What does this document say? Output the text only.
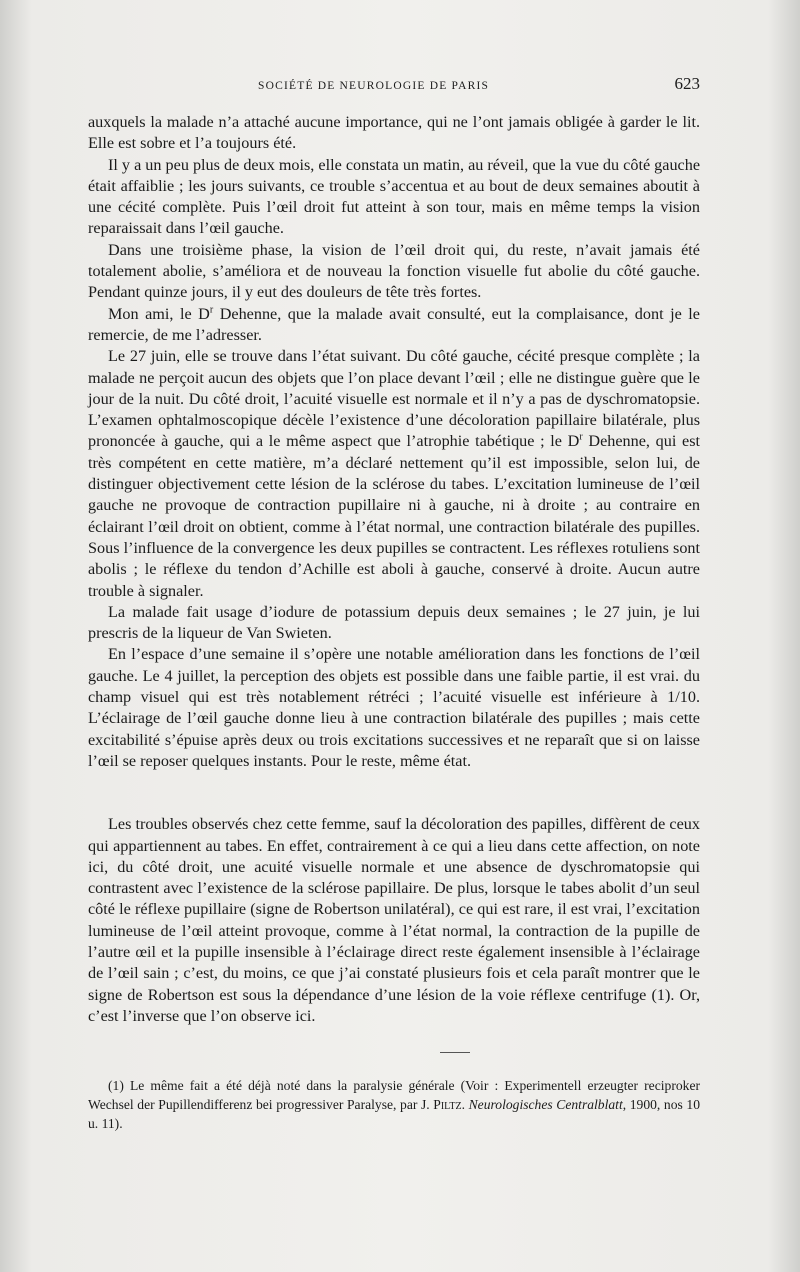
SOCIÉTÉ DE NEUROLOGIE DE PARIS	623

auxquels la malade n’a attaché aucune importance, qui ne l’ont jamais obligée à garder le lit. Elle est sobre et l’a toujours été.

Il y a un peu plus de deux mois, elle constata un matin, au réveil, que la vue du côté gauche était affaiblie ; les jours suivants, ce trouble s’accentua et au bout de deux semaines aboutit à une cécité complète. Puis l’œil droit fut atteint à son tour, mais en même temps la vision reparaissait dans l’œil gauche.

Dans une troisième phase, la vision de l’œil droit qui, du reste, n’avait jamais été totalement abolie, s’améliora et de nouveau la fonction visuelle fut abolie du côté gauche. Pendant quinze jours, il y eut des douleurs de tête très fortes.

Mon ami, le $D^r$ Dehenne, que la malade avait consulté, eut la complaisance, dont je le remercie, de me l’adresser.

Le 27 juin, elle se trouve dans l’état suivant. Du côté gauche, cécité presque complète ; la malade ne perçoit aucun des objets que l’on place devant l’œil ; elle ne distingue guère que le jour de la nuit. Du côté droit, l’acuité visuelle est normale et il n’y a pas de dyschromatopsie. L’examen ophtalmoscopique décèle l’existence d’une décoloration papillaire bilatérale, plus prononcée à gauche, qui a le même aspect que l’atrophie tabétique ; le $D^r$ Dehenne, qui est très compétent en cette matière, m’a déclaré nettement qu’il est impossible, selon lui, de distinguer objectivement cette lésion de la sclérose du tabes. L’excitation lumineuse de l’œil gauche ne provoque de contraction pupillaire ni à gauche, ni à droite ; au contraire en éclairant l’œil droit on obtient, comme à l’état normal, une contraction bilatérale des pupilles. Sous l’influence de la convergence les deux pupilles se contractent. Les réflexes rotuliens sont abolis ; le réflexe du tendon d’Achille est aboli à gauche, conservé à droite. Aucun autre trouble à signaler.

La malade fait usage d’iodure de potassium depuis deux semaines ; le 27 juin, je lui prescris de la liqueur de Van Swieten.

En l’espace d’une semaine il s’opère une notable amélioration dans les fonctions de l’œil gauche. Le 4 juillet, la perception des objets est possible dans une faible partie, il est vrai. du champ visuel qui est très notablement rétréci ; l’acuité visuelle est inférieure à 1/10. L’éclairage de l’œil gauche donne lieu à une contraction bilatérale des pupilles ; mais cette excitabilité s’épuise après deux ou trois excitations successives et ne reparaît que si on laisse l’œil se reposer quelques instants. Pour le reste, même état.

Les troubles observés chez cette femme, sauf la décoloration des papilles, diffèrent de ceux qui appartiennent au tabes. En effet, contrairement à ce qui a lieu dans cette affection, on note ici, du côté droit, une acuité visuelle normale et une absence de dyschromatopsie qui contrastent avec l’existence de la sclérose papillaire. De plus, lorsque le tabes abolit d’un seul côté le réflexe pupillaire (signe de Robertson unilatéral), ce qui est rare, il est vrai, l’excitation lumineuse de l’œil atteint provoque, comme à l’état normal, la contraction de la pupille de l’autre œil et la pupille insensible à l’éclairage direct reste également insensible à l’éclairage de l’œil sain ; c’est, du moins, ce que j’ai constaté plusieurs fois et cela paraît montrer que le signe de Robertson est sous la dépendance d’une lésion de la voie réflexe centrifuge (1). Or, c’est l’inverse que l’on observe ici.

(1) Le même fait a été déjà noté dans la paralysie générale (Voir : Experimentell erzeugter reciproker Wechsel der Pupillendifferenz bei progressiver Paralyse, par J. Piltz. Neurologisches Centralblatt, 1900, nos 10 u. 11).
